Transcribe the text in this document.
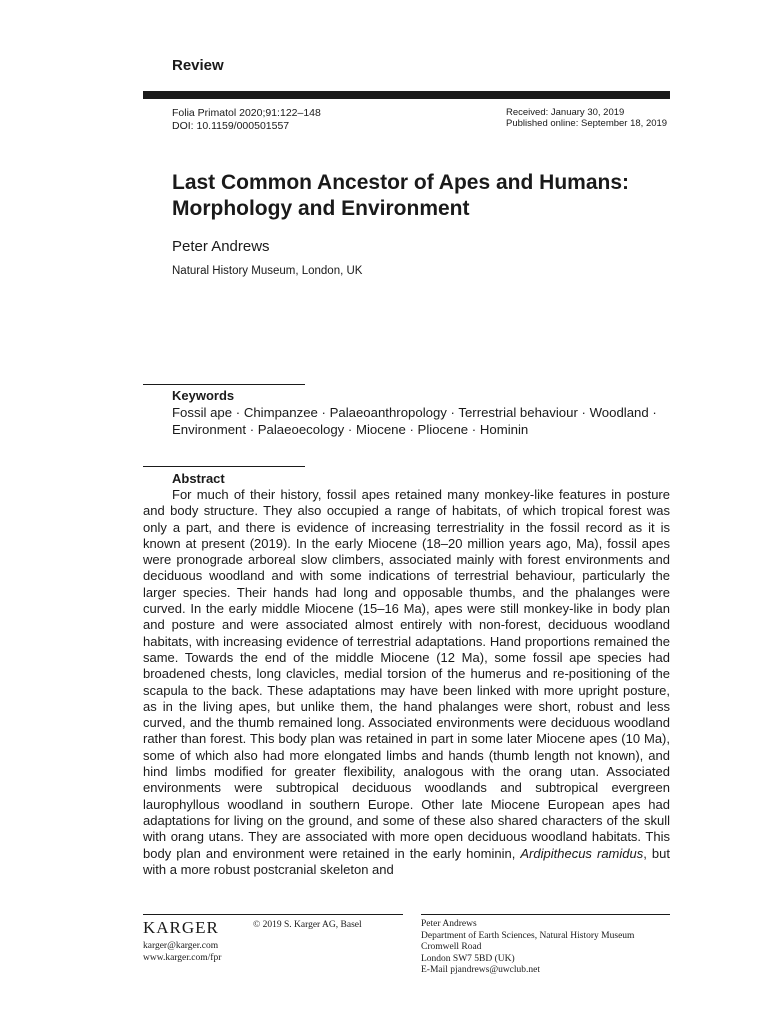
Review
Folia Primatol 2020;91:122–148
DOI: 10.1159/000501557
Received: January 30, 2019
Published online: September 18, 2019
Last Common Ancestor of Apes and Humans:
Morphology and Environment
Peter Andrews
Natural History Museum, London, UK
Keywords
Fossil ape · Chimpanzee · Palaeoanthropology · Terrestrial behaviour · Woodland · Environment · Palaeoecology · Miocene · Pliocene · Hominin
Abstract
For much of their history, fossil apes retained many monkey-like features in posture and body structure. They also occupied a range of habitats, of which tropical forest was only a part, and there is evidence of increasing terrestriality in the fossil record as it is known at present (2019). In the early Miocene (18–20 million years ago, Ma), fossil apes were pronograde arboreal slow climbers, associated mainly with forest environments and deciduous woodland and with some indications of terrestrial behaviour, particularly the larger species. Their hands had long and opposable thumbs, and the phalanges were curved. In the early middle Miocene (15–16 Ma), apes were still monkey-like in body plan and posture and were associated almost entirely with non-forest, deciduous woodland habitats, with increasing evidence of terrestrial adaptations. Hand proportions remained the same. Towards the end of the middle Miocene (12 Ma), some fossil ape species had broadened chests, long clavicles, medial torsion of the humerus and re-positioning of the scapula to the back. These adaptations may have been linked with more upright posture, as in the living apes, but unlike them, the hand phalanges were short, robust and less curved, and the thumb remained long. Associated environments were deciduous woodland rather than forest. This body plan was retained in part in some later Miocene apes (10 Ma), some of which also had more elongated limbs and hands (thumb length not known), and hind limbs modified for greater flexibility, analogous with the orang utan. Associated environments were subtropical deciduous woodlands and subtropical evergreen laurophyllous woodland in southern Europe. Other late Miocene European apes had adaptations for living on the ground, and some of these also shared characters of the skull with orang utans. They are associated with more open deciduous woodland habitats. This body plan and environment were retained in the early hominin, Ardipithecus ramidus, but with a more robust postcranial skeleton and
KARGER	© 2019 S. Karger AG, Basel
karger@karger.com
www.karger.com/fpr
Peter Andrews
Department of Earth Sciences, Natural History Museum
Cromwell Road
London SW7 5BD (UK)
E-Mail pjandrews@uwclub.net
